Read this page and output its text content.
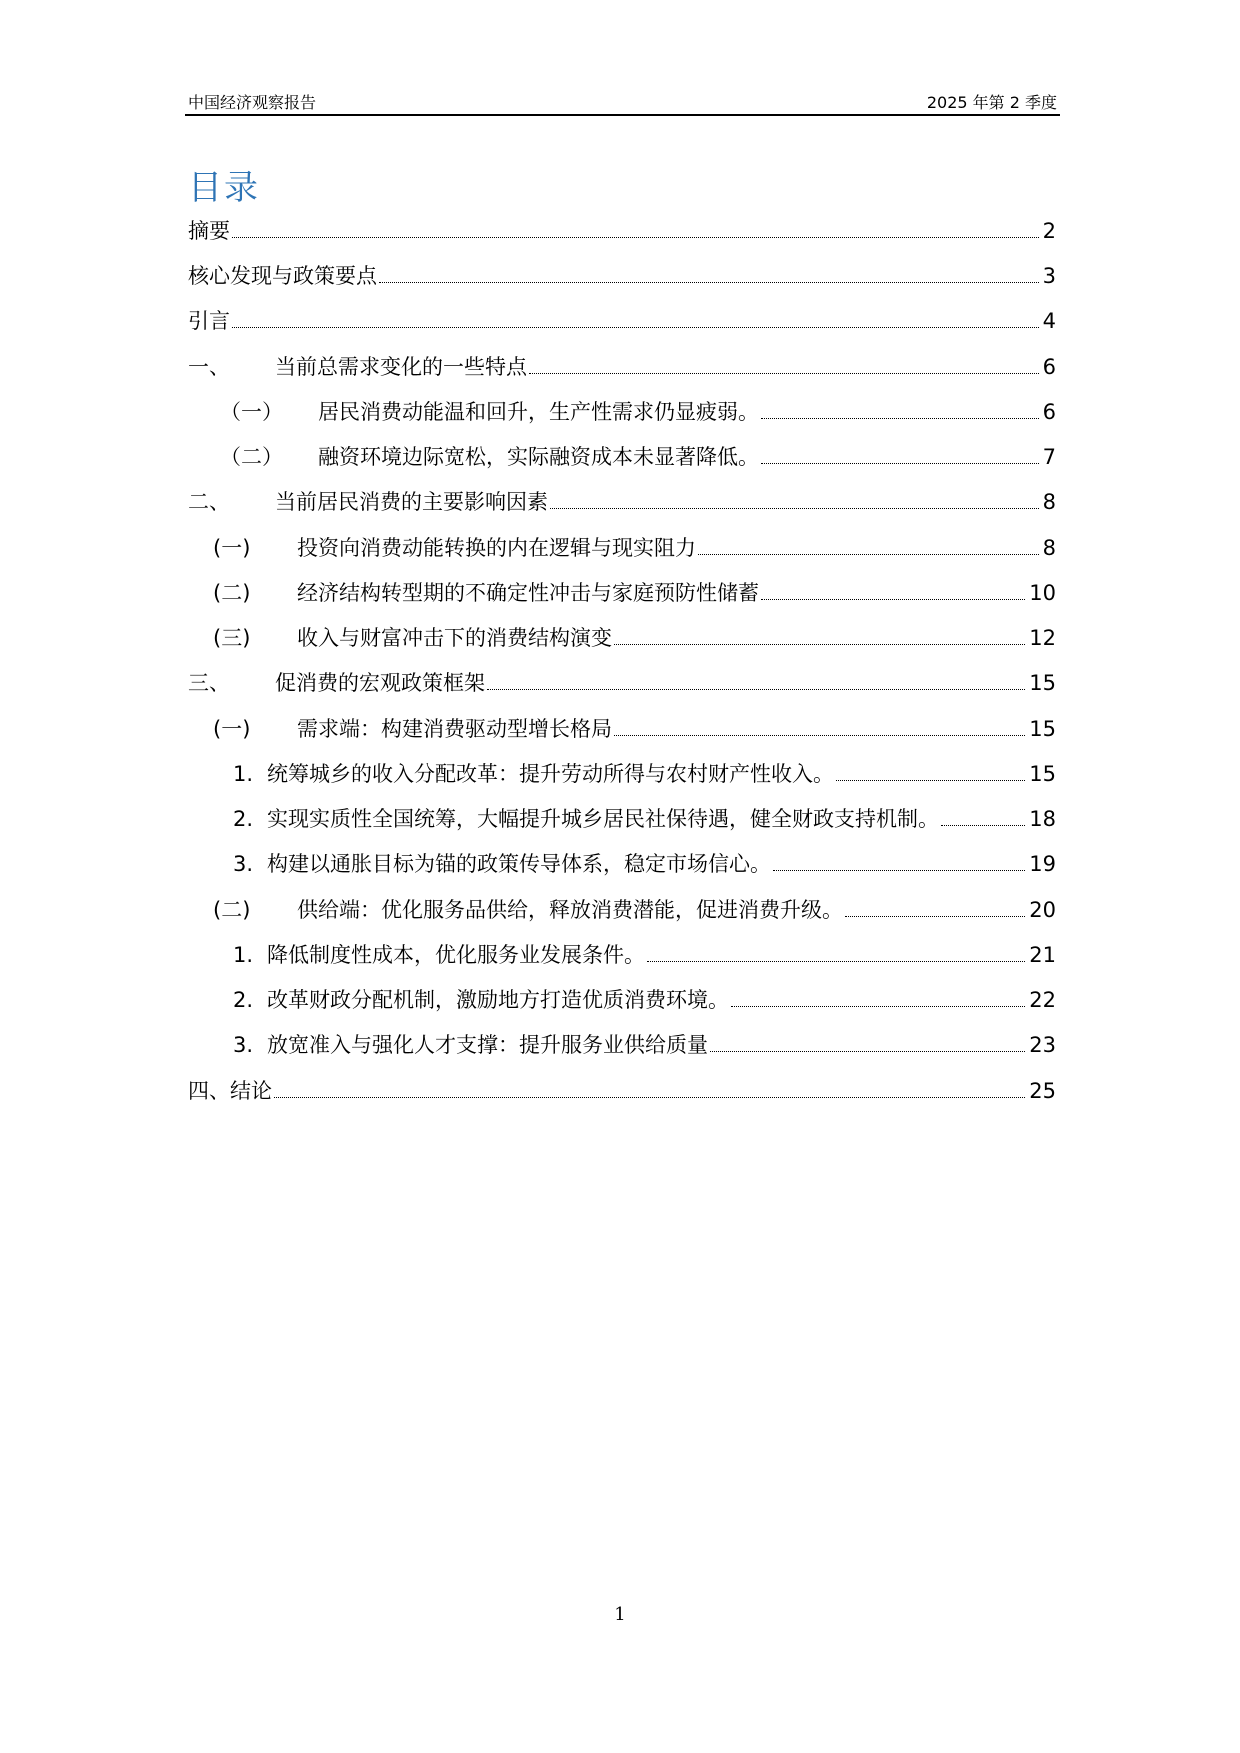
中国经济观察报告	2025 年第 2 季度
目录
摘要	2
核心发现与政策要点	3
引言	4
一、	当前总需求变化的一些特点	6
（一）	居民消费动能温和回升，生产性需求仍显疲弱。	6
（二）	融资环境边际宽松，实际融资成本未显著降低。	7
二、	当前居民消费的主要影响因素	8
(一)	投资向消费动能转换的内在逻辑与现实阻力	8
(二)	经济结构转型期的不确定性冲击与家庭预防性储蓄	10
(三)	收入与财富冲击下的消费结构演变	12
三、	促消费的宏观政策框架	15
(一)	需求端：构建消费驱动型增长格局	15
1. 统筹城乡的收入分配改革：提升劳动所得与农村财产性收入。	15
2. 实现实质性全国统筹，大幅提升城乡居民社保待遇，健全财政支持机制。	18
3. 构建以通胀目标为锚的政策传导体系，稳定市场信心。	19
(二)	供给端：优化服务品供给，释放消费潜能，促进消费升级。	20
1. 降低制度性成本，优化服务业发展条件。	21
2. 改革财政分配机制，激励地方打造优质消费环境。	22
3. 放宽准入与强化人才支撑：提升服务业供给质量	23
四、结论	25
1
